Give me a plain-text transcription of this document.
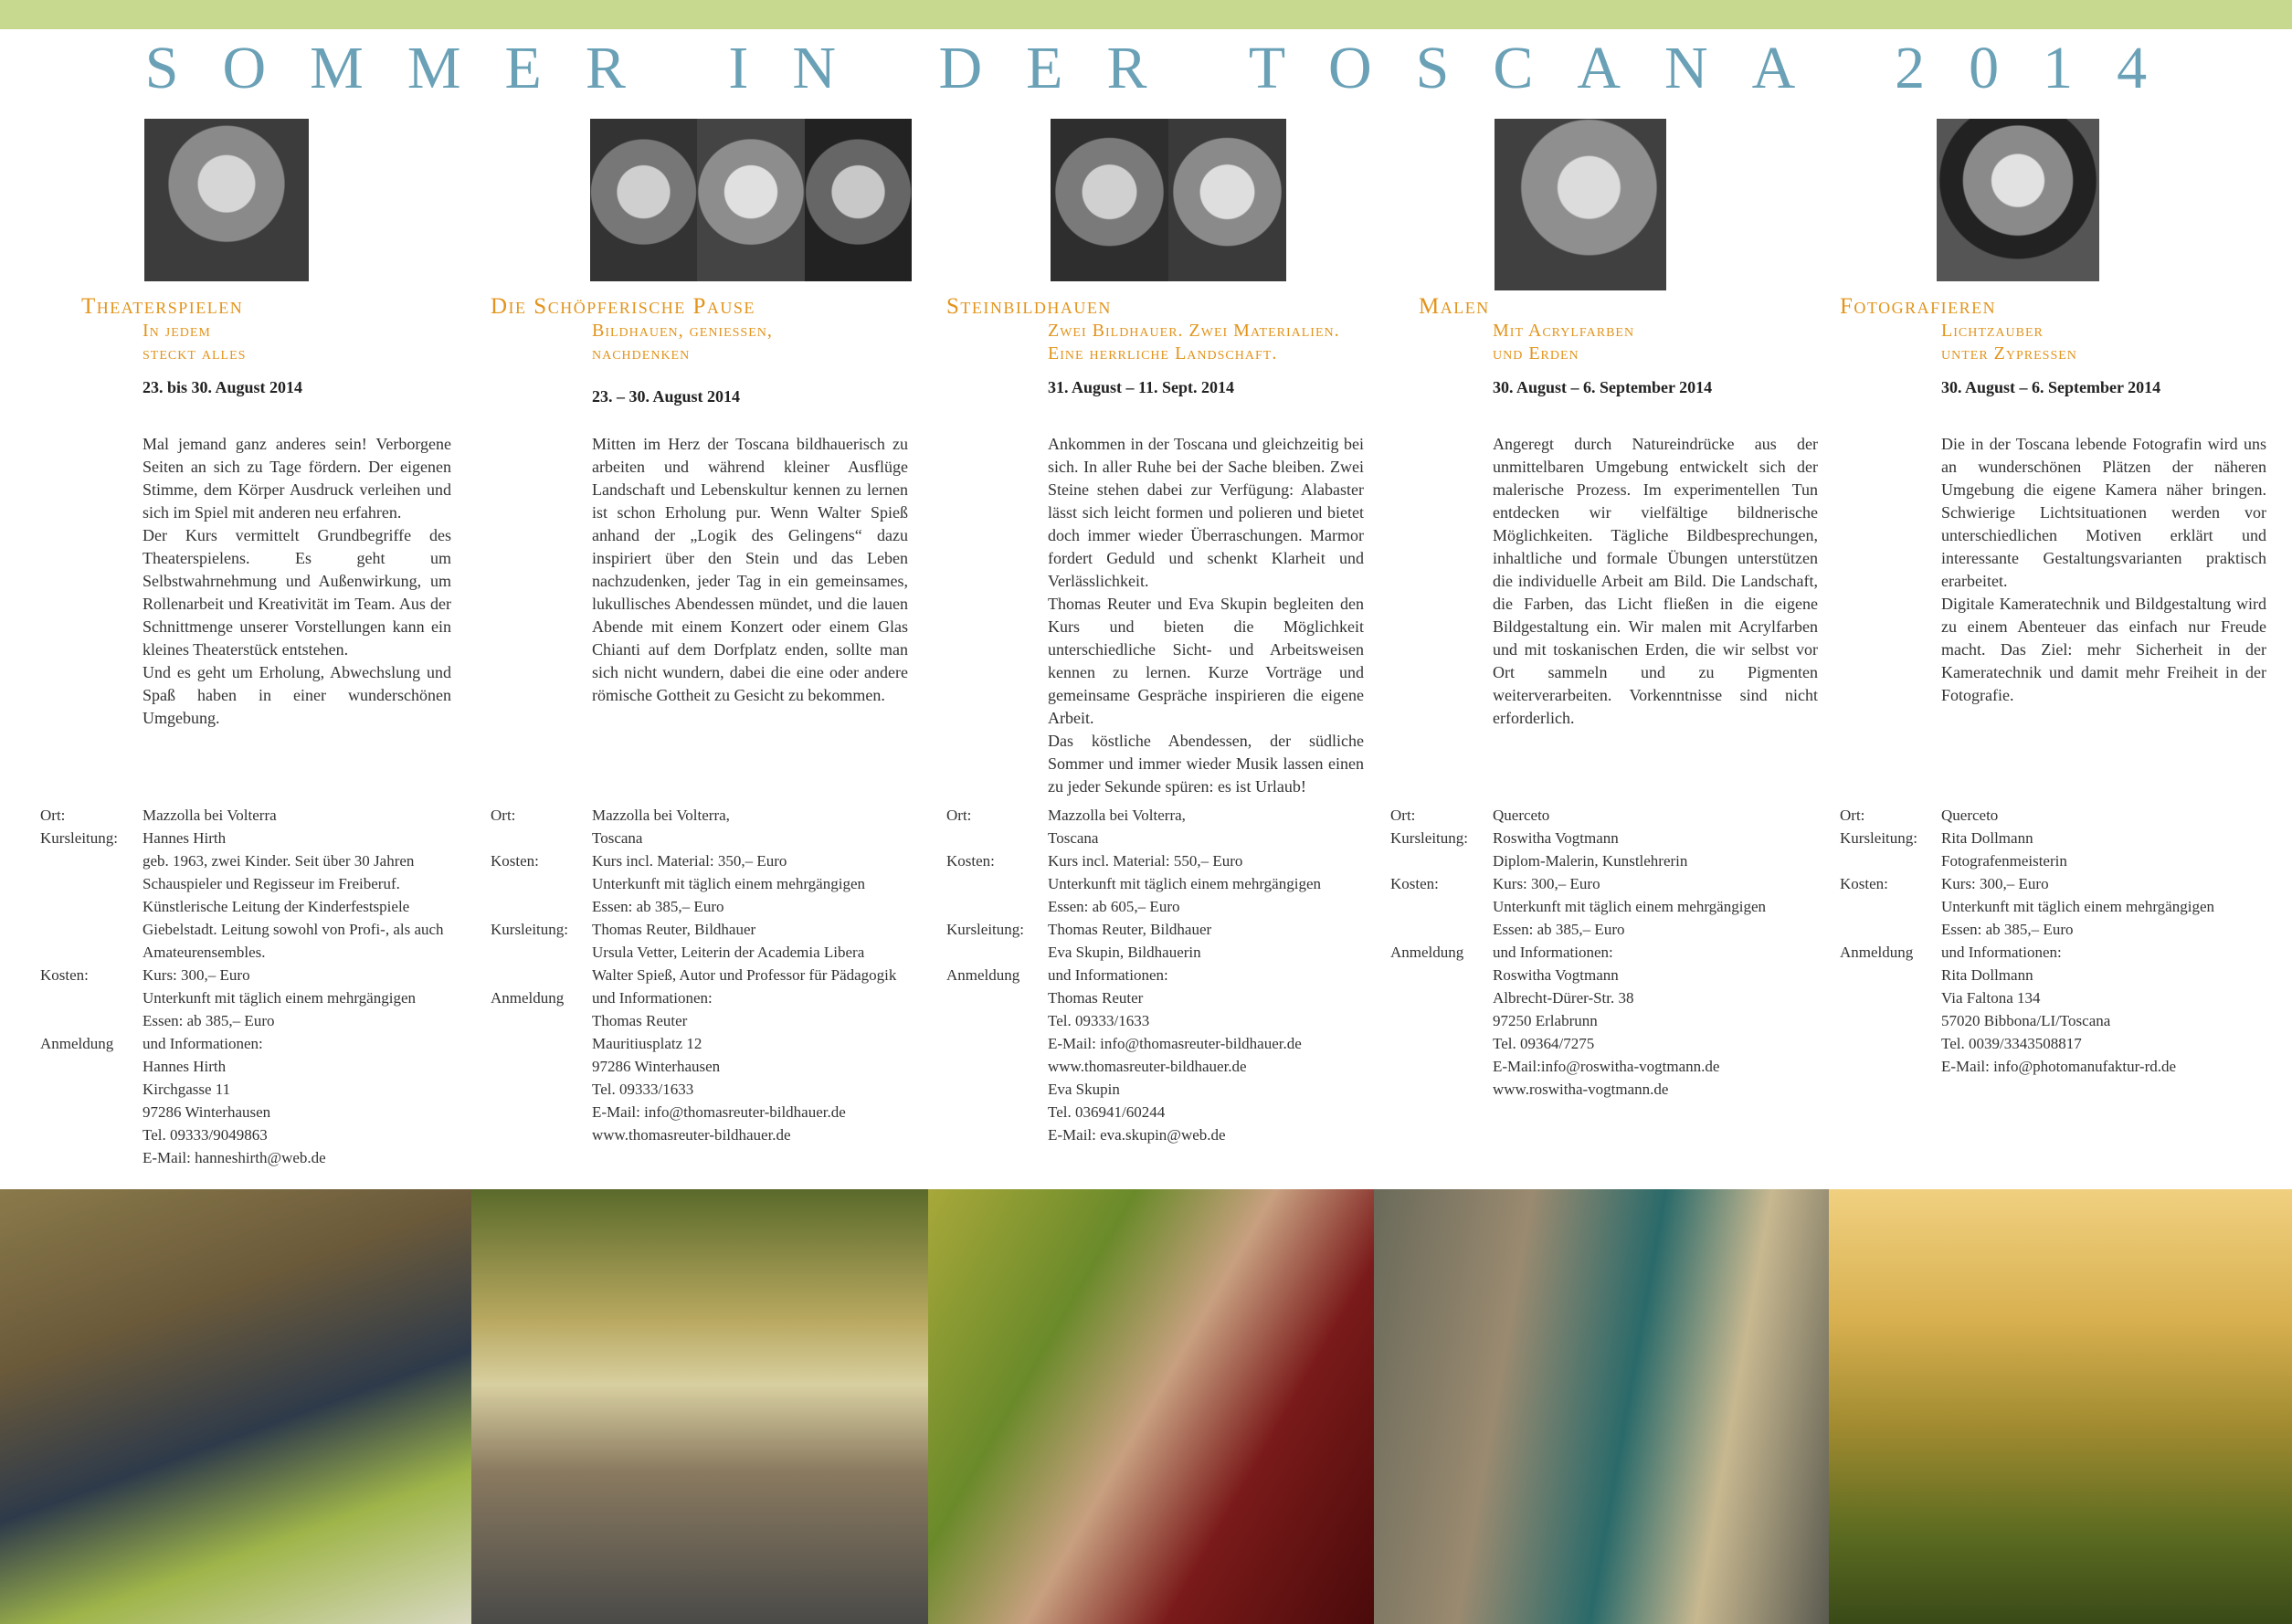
SOMMER IN DER TOSCANA 2014
Theaterspielen
In jedem
steckt alles
23. bis 30. August 2014

Mal jemand ganz anderes sein! Verborgene Seiten an sich zu Tage fördern. Der eigenen Stimme, dem Körper Ausdruck verleihen und sich im Spiel mit anderen neu erfahren.

Der Kurs vermittelt Grundbegriffe des Theaterspielens. Es geht um Selbstwahrnehmung und Außenwirkung, um Rollenarbeit und Kreativität im Team. Aus der Schnittmenge unserer Vorstellungen kann ein kleines Theaterstück entstehen.

Und es geht um Erholung, Abwechslung und Spaß haben in einer wunderschönen Umgebung.

Ort:	Mazzolla bei Volterra
Kursleitung:	Hannes Hirth
geb. 1963, zwei Kinder. Seit über 30 Jahren Schauspieler und Regisseur im Freiberuf. Künstlerische Leitung der Kinderfestspiele Giebelstadt. Leitung sowohl von Profi-, als auch Amateurensembles.
Kosten:	Kurs: 300,– Euro
Unterkunft mit täglich einem mehrgängigen Essen: ab 385,– Euro
Anmeldung	und Informationen:
Hannes Hirth
Kirchgasse 11
97286 Winterhausen
Tel. 09333/9049863
E-Mail: hanneshirth@web.de
Die Schöpferische Pause
Bildhauen, geniessen,
nachdenken
23. – 30. August 2014

Mitten im Herz der Toscana bildhauerisch zu arbeiten und während kleiner Ausflüge Landschaft und Lebenskultur kennen zu lernen ist schon Erholung pur. Wenn Walter Spieß anhand der „Logik des Gelingens“ dazu inspiriert über den Stein und das Leben nachzudenken, jeder Tag in ein gemeinsames, lukullisches Abendessen mündet, und die lauen Abende mit einem Konzert oder einem Glas Chianti auf dem Dorfplatz enden, sollte man sich nicht wundern, dabei die eine oder andere römische Gottheit zu Gesicht zu bekommen.

Ort:	Mazzolla bei Volterra,
Toscana
Kosten:	Kurs incl. Material: 350,– Euro
Unterkunft mit täglich einem mehrgängigen Essen: ab 385,– Euro
Kursleitung:	Thomas Reuter, Bildhauer
Ursula Vetter, Leiterin der Academia Libera
Walter Spieß, Autor und Professor für Pädagogik
Anmeldung	und Informationen:
Thomas Reuter
Mauritiusplatz 12
97286 Winterhausen
Tel. 09333/1633
E-Mail: info@thomasreuter-bildhauer.de
www.thomasreuter-bildhauer.de
Steinbildhauen
Zwei Bildhauer. Zwei Materialien.
Eine herrliche Landschaft.
31. August – 11. Sept. 2014

Ankommen in der Toscana und gleichzeitig bei sich. In aller Ruhe bei der Sache bleiben. Zwei Steine stehen dabei zur Verfügung: Alabaster lässt sich leicht formen und polieren und bietet doch immer wieder Überraschungen. Marmor fordert Geduld und schenkt Klarheit und Verlässlichkeit.

Thomas Reuter und Eva Skupin begleiten den Kurs und bieten die Möglichkeit unterschiedliche Sicht- und Arbeitsweisen kennen zu lernen. Kurze Vorträge und gemeinsame Gespräche inspirieren die eigene Arbeit.

Das köstliche Abendessen, der südliche Sommer und immer wieder Musik lassen einen zu jeder Sekunde spüren: es ist Urlaub!

Ort:	Mazzolla bei Volterra,
Toscana
Kosten:	Kurs incl. Material: 550,– Euro
Unterkunft mit täglich einem mehrgängigen Essen: ab 605,– Euro
Kursleitung:	Thomas Reuter, Bildhauer
Eva Skupin, Bildhauerin
Anmeldung	und Informationen:
Thomas Reuter
Tel. 09333/1633
E-Mail: info@thomasreuter-bildhauer.de
www.thomasreuter-bildhauer.de
Eva Skupin
Tel. 036941/60244
E-Mail: eva.skupin@web.de
Malen
Mit Acrylfarben
und Erden
30. August – 6. September 2014

Angeregt durch Natureindrücke aus der unmittelbaren Umgebung entwickelt sich der malerische Prozess. Im experimentellen Tun entdecken wir vielfältige bildnerische Möglichkeiten. Tägliche Bildbesprechungen, inhaltliche und formale Übungen unterstützen die individuelle Arbeit am Bild. Die Landschaft, die Farben, das Licht fließen in die eigene Bildgestaltung ein. Wir malen mit Acrylfarben und mit toskanischen Erden, die wir selbst vor Ort sammeln und zu Pigmenten weiterverarbeiten. Vorkenntnisse sind nicht erforderlich.

Ort:	Querceto
Kursleitung:	Roswitha Vogtmann
Diplom-Malerin, Kunstlehrerin
Kosten:	Kurs: 300,– Euro
Unterkunft mit täglich einem mehrgängigen Essen: ab 385,– Euro
Anmeldung	und Informationen:
Roswitha Vogtmann
Albrecht-Dürer-Str. 38
97250 Erlabrunn
Tel. 09364/7275
E-Mail:info@roswitha-vogtmann.de
www.roswitha-vogtmann.de
Fotografieren
Lichtzauber
unter Zypressen
30. August – 6. September 2014

Die in der Toscana lebende Fotografin wird uns an wunderschönen Plätzen der näheren Umgebung die eigene Kamera näher bringen. Schwierige Lichtsituationen werden vor unterschiedlichen Motiven erklärt und interessante Gestaltungsvarianten praktisch erarbeitet.

Digitale Kameratechnik und Bildgestaltung wird zu einem Abenteuer das einfach nur Freude macht. Das Ziel: mehr Sicherheit in der Kameratechnik und damit mehr Freiheit in der Fotografie.

Ort:	Querceto
Kursleitung:	Rita Dollmann
Fotografenmeisterin
Kosten:	Kurs: 300,– Euro
Unterkunft mit täglich einem mehrgängigen Essen: ab 385,– Euro
Anmeldung	und Informationen:
Rita Dollmann
Via Faltona 134
57020 Bibbona/LI/Toscana
Tel. 0039/3343508817
E-Mail: info@photomanufaktur-rd.de
